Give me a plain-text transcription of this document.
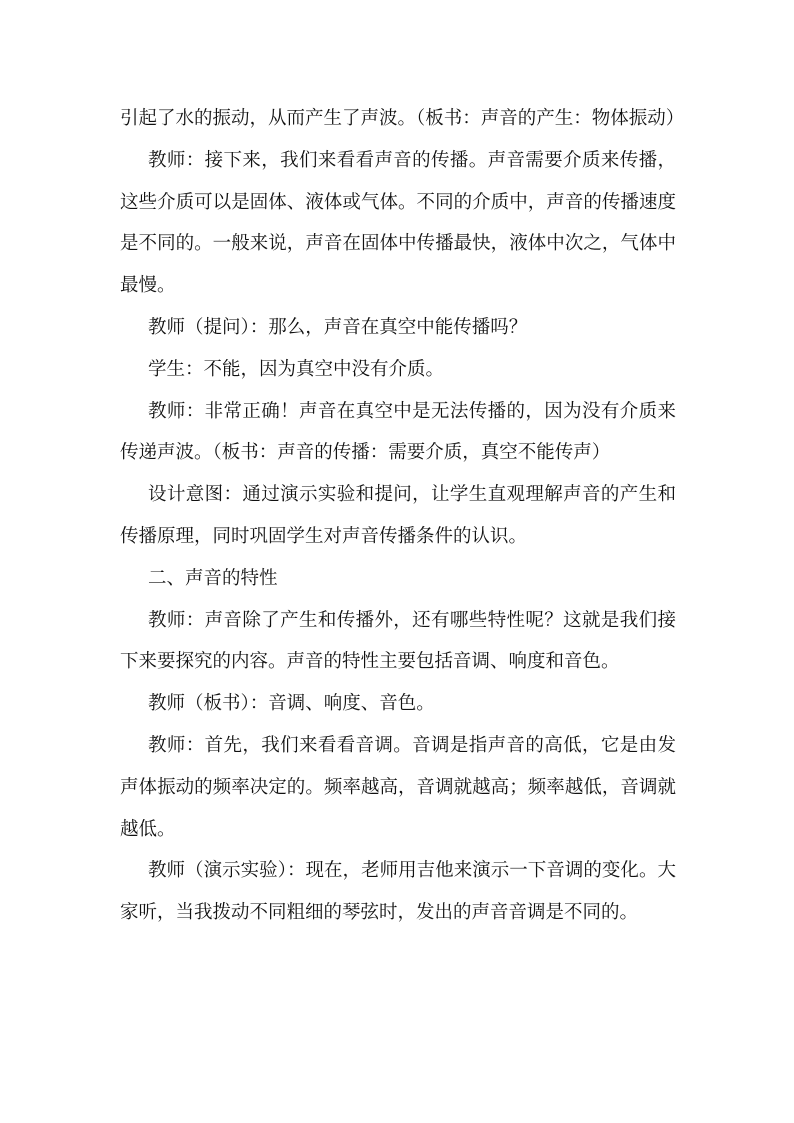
引起了水的振动，从而产生了声波。（板书：声音的产生：物体振动）

教师：接下来，我们来看看声音的传播。声音需要介质来传播，这些介质可以是固体、液体或气体。不同的介质中，声音的传播速度是不同的。一般来说，声音在固体中传播最快，液体中次之，气体中最慢。

教师（提问）：那么，声音在真空中能传播吗？

学生：不能，因为真空中没有介质。

教师：非常正确！声音在真空中是无法传播的，因为没有介质来传递声波。（板书：声音的传播：需要介质，真空不能传声）

设计意图：通过演示实验和提问，让学生直观理解声音的产生和传播原理，同时巩固学生对声音传播条件的认识。

二、声音的特性

教师：声音除了产生和传播外，还有哪些特性呢？这就是我们接下来要探究的内容。声音的特性主要包括音调、响度和音色。

教师（板书）：音调、响度、音色。

教师：首先，我们来看看音调。音调是指声音的高低，它是由发声体振动的频率决定的。频率越高，音调就越高；频率越低，音调就越低。

教师（演示实验）：现在，老师用吉他来演示一下音调的变化。大家听，当我拨动不同粗细的琴弦时，发出的声音音调是不同的。
